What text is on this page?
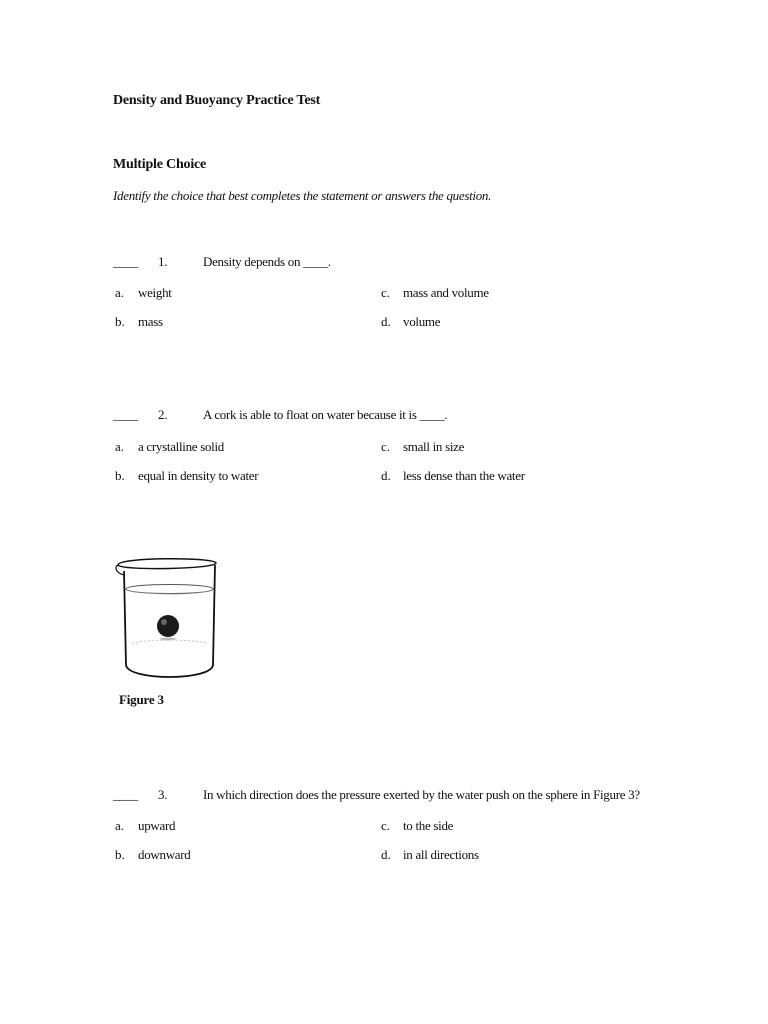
Density and Buoyancy Practice Test
Multiple Choice
Identify the choice that best completes the statement or answers the question.
____ 1.	Density depends on ____.
a. weight
b. mass
c. mass and volume
d. volume
____ 2.	A cork is able to float on water because it is ____.
a. a crystalline solid
b. equal in density to water
c. small in size
d. less dense than the water
Figure 3
____ 3.	In which direction does the pressure exerted by the water push on the sphere in Figure 3?
a. upward
b. downward
c. to the side
d. in all directions
